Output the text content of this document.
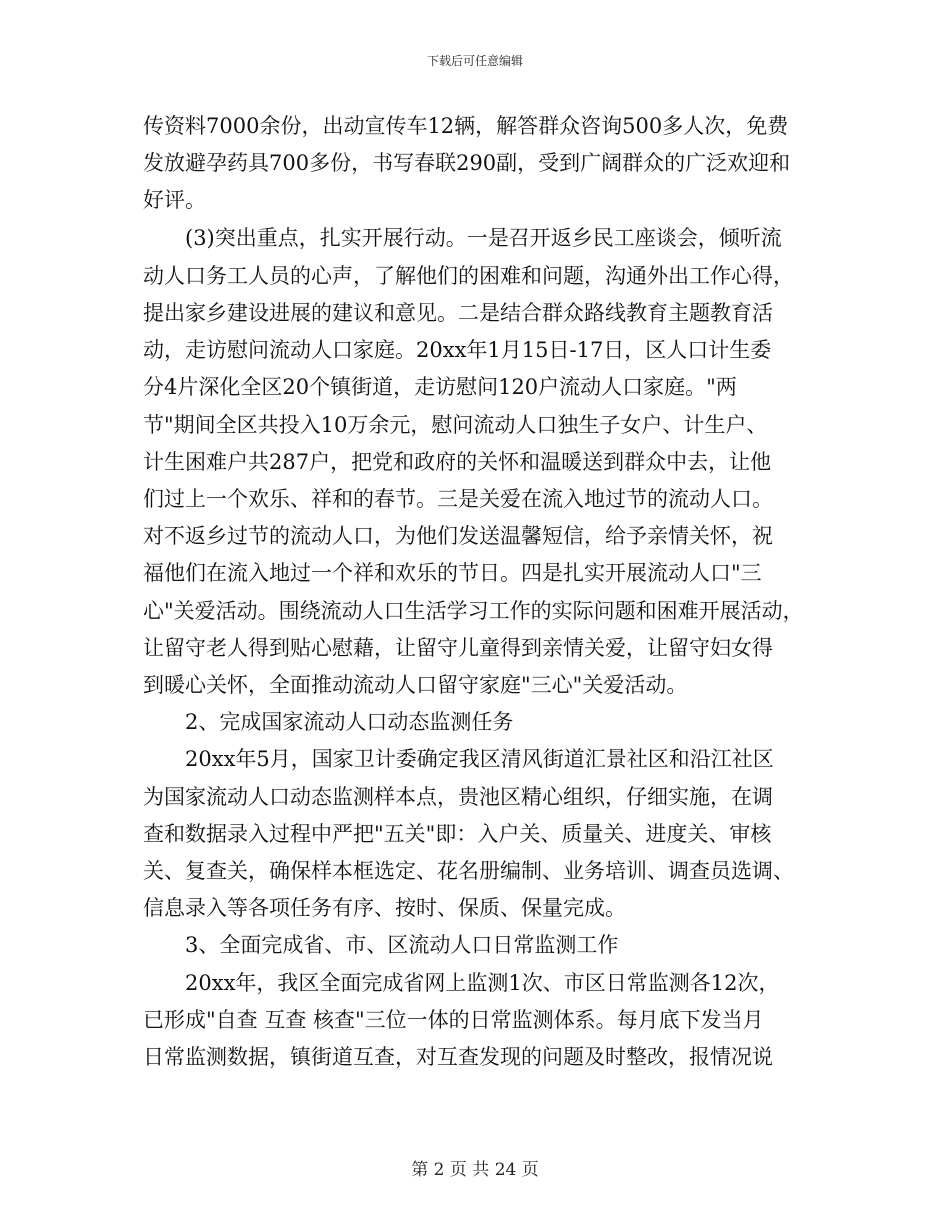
下载后可任意编辑
传资料7000余份，出动宣传车12辆，解答群众咨询500多人次，免费
发放避孕药具700多份，书写春联290副，受到广阔群众的广泛欢迎和
好评。
(3)突出重点，扎实开展行动。一是召开返乡民工座谈会，倾听流
动人口务工人员的心声，了解他们的困难和问题，沟通外出工作心得，
提出家乡建设进展的建议和意见。二是结合群众路线教育主题教育活
动，走访慰问流动人口家庭。20xx年1月15日-17日，区人口计生委
分4片深化全区20个镇街道，走访慰问120户流动人口家庭。"两
节"期间全区共投入10万余元，慰问流动人口独生子女户、计生户、
计生困难户共287户，把党和政府的关怀和温暖送到群众中去，让他
们过上一个欢乐、祥和的春节。三是关爱在流入地过节的流动人口。
对不返乡过节的流动人口，为他们发送温馨短信，给予亲情关怀，祝
福他们在流入地过一个祥和欢乐的节日。四是扎实开展流动人口"三
心"关爱活动。围绕流动人口生活学习工作的实际问题和困难开展活动，
让留守老人得到贴心慰藉，让留守儿童得到亲情关爱，让留守妇女得
到暖心关怀，全面推动流动人口留守家庭"三心"关爱活动。
2、完成国家流动人口动态监测任务
20xx年5月，国家卫计委确定我区清风街道汇景社区和沿江社区
为国家流动人口动态监测样本点，贵池区精心组织，仔细实施，在调
查和数据录入过程中严把"五关"即：入户关、质量关、进度关、审核
关、复查关，确保样本框选定、花名册编制、业务培训、调查员选调、
信息录入等各项任务有序、按时、保质、保量完成。
3、全面完成省、市、区流动人口日常监测工作
20xx年，我区全面完成省网上监测1次、市区日常监测各12次，
已形成"自查 互查 核查"三位一体的日常监测体系。每月底下发当月
日常监测数据，镇街道互查，对互查发现的问题及时整改，报情况说
第 2 页 共 24 页
